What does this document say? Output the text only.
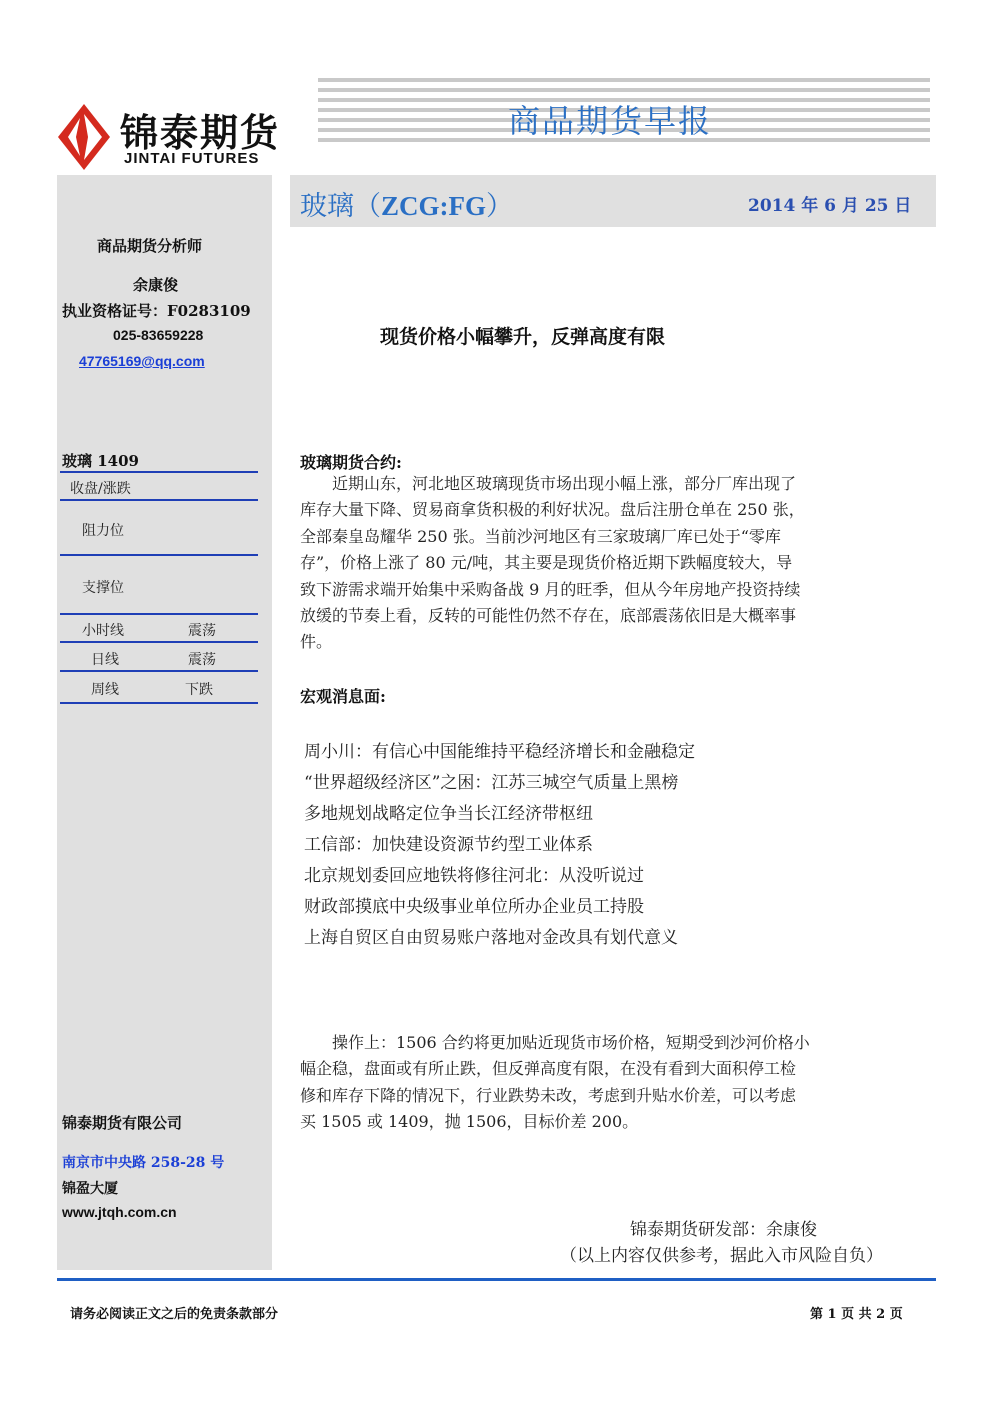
锦泰期货
JINTAI FUTURES
商品期货早报
商品期货分析师
余康俊
执业资格证号：F0283109
025-83659228
47765169@qq.com
玻璃 1409
收盘/涨跌
阻力位
支撑位
小时线	震荡
日线	震荡
周线	下跌
锦泰期货有限公司
南京市中央路 258-28 号
锦盈大厦
www.jtqh.com.cn
玻璃（ZCG:FG）	2014 年 6 月 25 日
现货价格小幅攀升，反弹高度有限
玻璃期货合约:
　　近期山东，河北地区玻璃现货市场出现小幅上涨，部分厂库出现了
库存大量下降、贸易商拿货积极的利好状况。盘后注册仓单在 250 张，
全部秦皇岛耀华 250 张。当前沙河地区有三家玻璃厂库已处于“零库
存”，价格上涨了 80 元/吨，其主要是现货价格近期下跌幅度较大，导
致下游需求端开始集中采购备战 9 月的旺季，但从今年房地产投资持续
放缓的节奏上看，反转的可能性仍然不存在，底部震荡依旧是大概率事
件。
宏观消息面:
周小川：有信心中国能维持平稳经济增长和金融稳定
“世界超级经济区”之困：江苏三城空气质量上黑榜
多地规划战略定位争当长江经济带枢纽
工信部：加快建设资源节约型工业体系
北京规划委回应地铁将修往河北：从没听说过
财政部摸底中央级事业单位所办企业员工持股
上海自贸区自由贸易账户落地对金改具有划代意义
　　操作上：1506 合约将更加贴近现货市场价格，短期受到沙河价格小
幅企稳，盘面或有所止跌，但反弹高度有限，在没有看到大面积停工检
修和库存下降的情况下，行业跌势未改，考虑到升贴水价差，可以考虑
买 1505 或 1409，抛 1506，目标价差 200。
锦泰期货研发部：余康俊
（以上内容仅供参考，据此入市风险自负）
请务必阅读正文之后的免责条款部分	第 1 页 共 2 页
